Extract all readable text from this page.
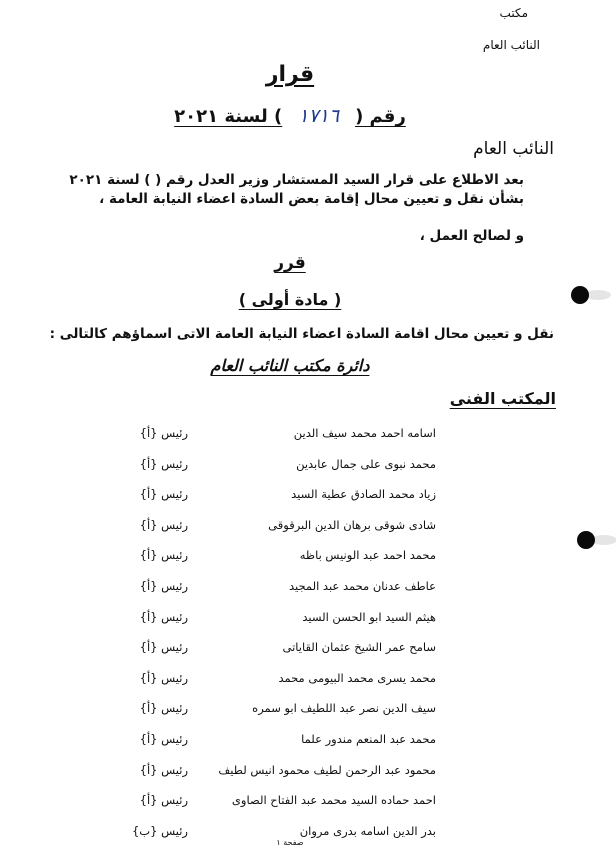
مكتب
النائب العام
قرار
رقم (١٧١٦) لسنة ٢٠٢١
النائب العام
بعد الاطلاع على قرار السيد المستشار وزير العدل رقم ( ) لسنة ٢٠٢١
بشأن نقل و تعيين محال إقامة بعض السادة اعضاء النيابة العامة ،
و لصالح العمل ،
قرر
( مادة أولى )
نقل و تعيين محال اقامة السادة اعضاء النيابة العامة الاتى اسماؤهم كالتالى :
دائرة مكتب النائب العام
المكتب الفنى
اسامه احمد محمد سيف الدين
رئيس {أ}
محمد نبوى على جمال عابدين
رئيس {أ}
زياد محمد الصادق عطية السيد
رئيس {أ}
شادى شوقى برهان الدين البرقوقى
رئيس {أ}
محمد احمد عبد الونيس باظه
رئيس {أ}
عاطف عدنان محمد عبد المجيد
رئيس {أ}
هيثم السيد ابو الحسن السيد
رئيس {أ}
سامح عمر الشيخ عثمان القاياتى
رئيس {أ}
محمد يسرى محمد البيومى محمد
رئيس {أ}
سيف الدين نصر عبد اللطيف ابو سمره
رئيس {أ}
محمد عبد المنعم مندور علما
رئيس {أ}
محمود عبد الرحمن لطيف محمود انيس لطيف
رئيس {أ}
احمد حماده السيد محمد عبد الفتاح الصاوى
رئيس {أ}
بدر الدين اسامه بدرى مروان
رئيس {ب}
صفحة ١
